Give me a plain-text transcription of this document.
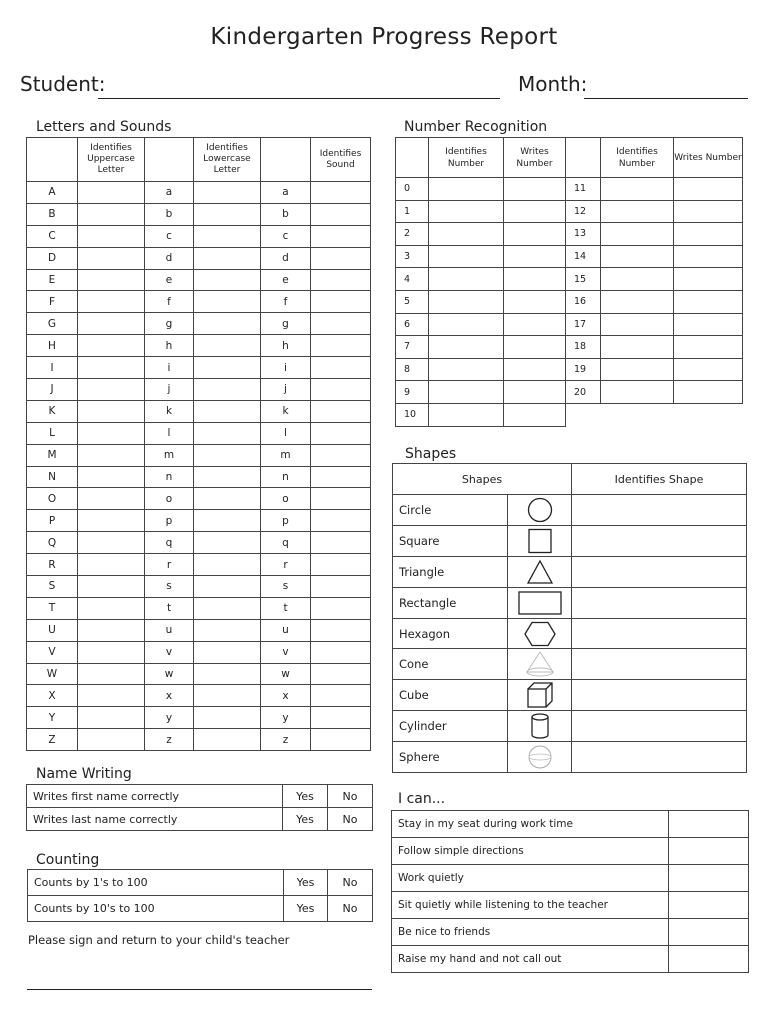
Kindergarten Progress Report
Student:	Month:
Letters and Sounds
	Identifies Uppercase Letter		Identifies Lowercase Letter		Identifies Sound
A		a		a	
B		b		b	
C		c		c	
D		d		d	
E		e		e	
F		f		f	
G		g		g	
H		h		h	
I		i		i	
J		j		j	
K		k		k	
L		l		l	
M		m		m	
N		n		n	
O		o		o	
P		p		p	
Q		q		q	
R		r		r	
S		s		s	
T		t		t	
U		u		u	
V		v		v	
W		w		w	
X		x		x	
Y		y		y	
Z		z		z	
Number Recognition
	Identifies Number	Writes Number		Identifies Number	Writes Number
0			11		
1			12		
2			13		
3			14		
4			15		
5			16		
6			17		
7			18		
8			19		
9			20		
10					
Shapes
Shapes		Identifies Shape
Circle	

Square	

Triangle	

Rectangle	

Hexagon	

Cone	

Cube	

Cylinder	

Sphere	

Name Writing
Writes first name correctly	Yes	No
Writes last name correctly	Yes	No
Counting
Counts by 1's to 100	Yes	No
Counts by 10's to 100	Yes	No
Please sign and return to your child's teacher
I can...
Stay in my seat during work time	
Follow simple directions	
Work quietly	
Sit quietly while listening to the teacher	
Be nice to friends	
Raise my hand and not call out	
